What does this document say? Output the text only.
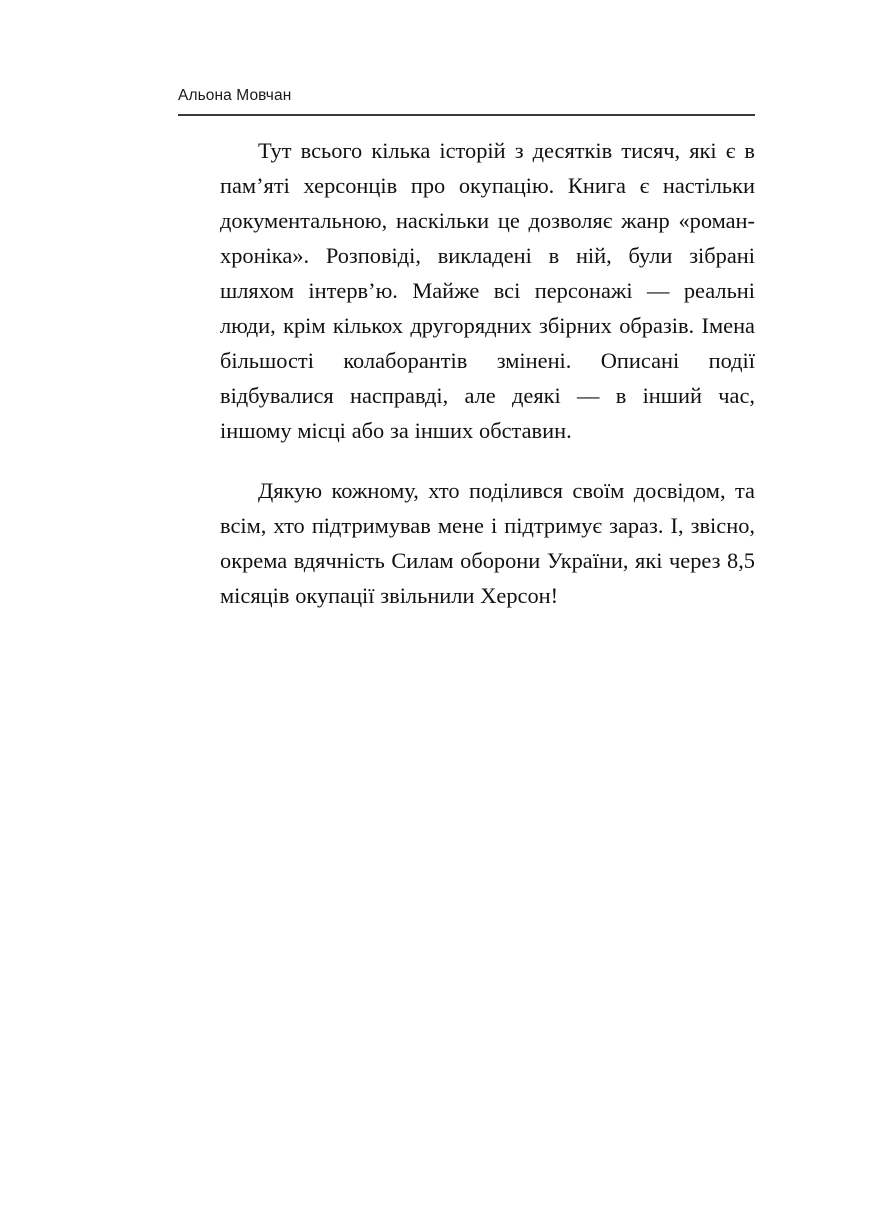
Альона Мовчан

Тут всього кілька історій з десятків тисяч, які є в пам’яті херсонців про окупацію. Книга є настільки документальною, наскільки це дозволяє жанр «роман-хроніка». Розповіді, викладені в ній, були зібрані шляхом інтерв’ю. Майже всі персонажі — реальні люди, крім кількох другорядних збірних образів. Імена більшості колаборантів змінені. Описані події відбувалися насправді, але деякі — в інший час, іншому місці або за інших обставин.

Дякую кожному, хто поділився своїм досвідом, та всім, хто підтримував мене і підтримує зараз. І, звісно, окрема вдячність Силам оборони України, які через 8,5 місяців окупації звільнили Херсон!
